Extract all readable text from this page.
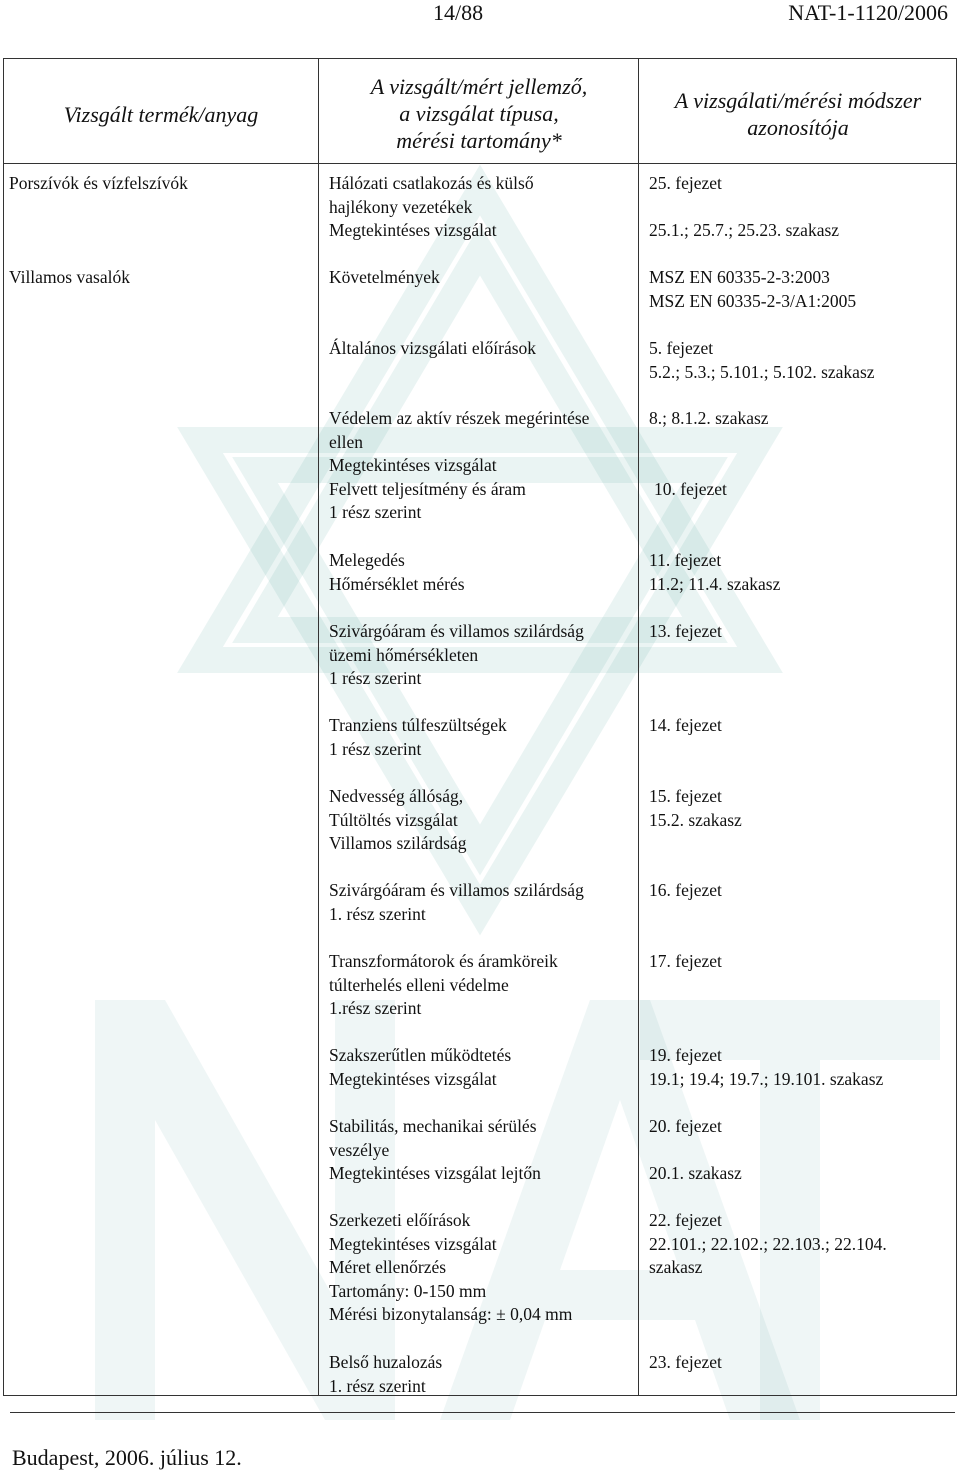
14/88	NAT-1-1120/2006
Vizsgált termék/anyag
A vizsgált/mért jellemző,
a vizsgálat típusa,
mérési tartomány*
A vizsgálati/mérési módszer
azonosítója
Porszívók és vízfelszívók
Villamos vasalók
Hálózati csatlakozás és külső
hajlékony vezetékek
Megtekintéses vizsgálat
Követelmények
Általános vizsgálati előírások
Védelem az aktív részek megérintése
ellen
Megtekintéses vizsgálat
Felvett teljesítmény és áram
1 rész szerint
Melegedés
Hőmérséklet mérés
Szivárgóáram és villamos szilárdság
üzemi hőmérsékleten
1 rész szerint
Tranziens túlfeszültségek
1 rész szerint
Nedvesség állóság,
Túltöltés vizsgálat
Villamos szilárdság
Szivárgóáram és villamos szilárdság
1. rész szerint
Transzformátorok és áramköreik
túlterhelés elleni védelme
1.rész szerint
Szakszerűtlen működtetés
Megtekintéses vizsgálat
Stabilitás, mechanikai sérülés
veszélye
Megtekintéses vizsgálat lejtőn
Szerkezeti előírások
Megtekintéses vizsgálat
Méret ellenőrzés
Tartomány: 0-150 mm
Mérési bizonytalanság: ± 0,04 mm
Belső huzalozás
1. rész szerint
25. fejezet
25.1.; 25.7.; 25.23. szakasz
MSZ EN 60335-2-3:2003
MSZ EN 60335-2-3/A1:2005
5. fejezet
5.2.; 5.3.; 5.101.; 5.102. szakasz
8.; 8.1.2. szakasz
10. fejezet
11. fejezet
11.2; 11.4. szakasz
13. fejezet
14. fejezet
15. fejezet
15.2. szakasz
16. fejezet
17. fejezet
19. fejezet
19.1; 19.4; 19.7.; 19.101. szakasz
20. fejezet
20.1. szakasz
22. fejezet
22.101.; 22.102.; 22.103.; 22.104.
szakasz
23. fejezet
Budapest, 2006. július 12.
